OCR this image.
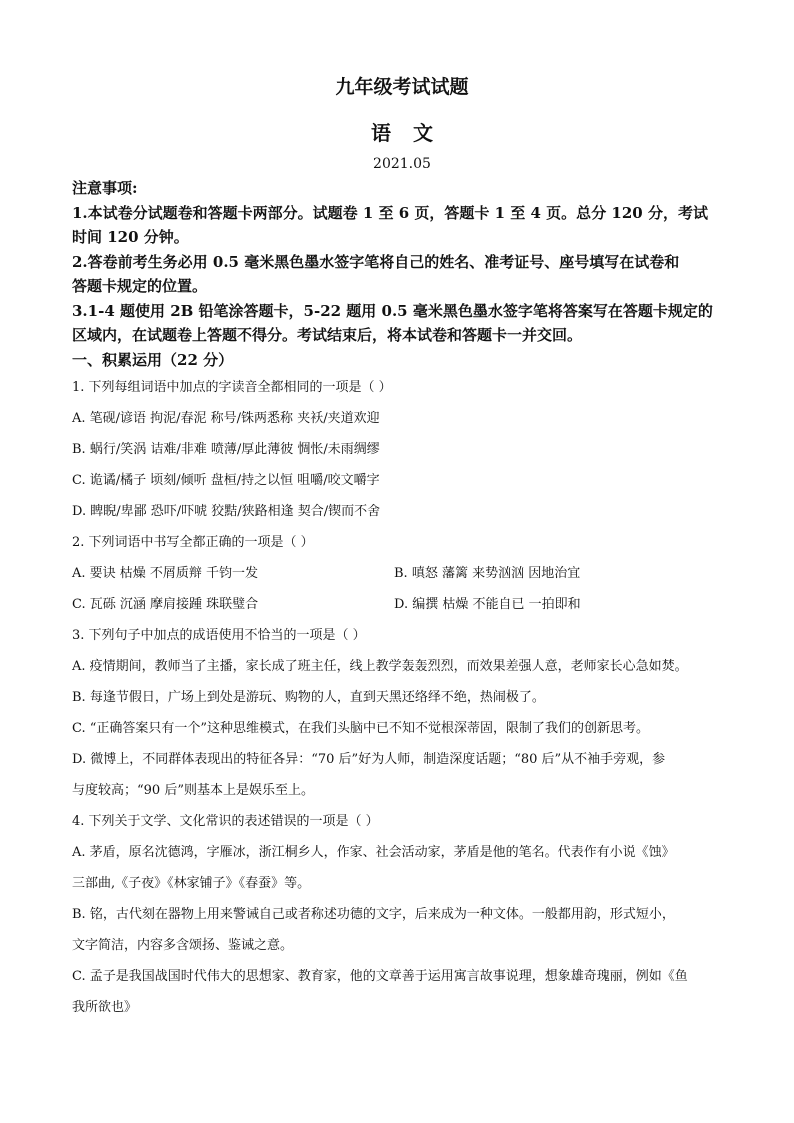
九年级考试试题
语文
2021.05
注意事项:
1.本试卷分试题卷和答题卡两部分。试题卷 1 至 6 页，答题卡 1 至 4 页。总分 120 分，考试
时间 120 分钟。
2.答卷前考生务必用 0.5 毫米黑色墨水签字笔将自己的姓名、准考证号、座号填写在试卷和
答题卡规定的位置。
3.1-4 题使用 2B 铅笔涂答题卡，5-22 题用 0.5 毫米黑色墨水签字笔将答案写在答题卡规定的
区域内，在试题卷上答题不得分。考试结束后，将本试卷和答题卡一并交回。
一、积累运用（22 分）
1. 下列每组词语中加点的字读音全都相同的一项是（ ）
A. 笔砚/谚语 拘泥/春泥 称号/铢两悉称 夹袄/夹道欢迎
B. 蜗行/笑涡 诘难/非难 喷薄/厚此薄彼 惆怅/未雨绸缪
C. 诡谲/橘子 顷刻/倾听 盘桓/持之以恒 咀嚼/咬文嚼字
D. 睥睨/卑鄙 恐吓/吓唬 狡黠/狭路相逢 契合/锲而不舍
2. 下列词语中书写全都正确的一项是（ ）
A. 要诀 枯燥 不屑质辩 千钧一发	B. 嗔怒 藩篱 来势汹汹 因地治宜
C. 瓦砾 沉涵 摩肩接踵 珠联璧合	D. 编撰 枯燥 不能自已 一拍即和
3. 下列句子中加点的成语使用不恰当的一项是（ ）
A. 疫情期间，教师当了主播，家长成了班主任，线上教学轰轰烈烈，而效果差强人意，老师家长心急如焚。
B. 每逢节假日，广场上到处是游玩、购物的人，直到天黑还络绎不绝，热闹极了。
C. “正确答案只有一个”这种思维模式，在我们头脑中已不知不觉根深蒂固，限制了我们的创新思考。
D. 微博上，不同群体表现出的特征各异：“70 后”好为人师，制造深度话题；“80 后”从不袖手旁观，参
与度较高；“90 后”则基本上是娱乐至上。
4. 下列关于文学、文化常识的表述错误的一项是（ ）
A. 茅盾，原名沈德鸿，字雁冰，浙江桐乡人，作家、社会活动家，茅盾是他的笔名。代表作有小说《蚀》
三部曲,《子夜》《林家铺子》《春蚕》等。
B. 铭，古代刻在器物上用来警诫自己或者称述功德的文字，后来成为一种文体。一般都用韵，形式短小，
文字简洁，内容多含颂扬、鉴诫之意。
C. 孟子是我国战国时代伟大的思想家、教育家，他的文章善于运用寓言故事说理，想象雄奇瑰丽，例如《鱼
我所欲也》
